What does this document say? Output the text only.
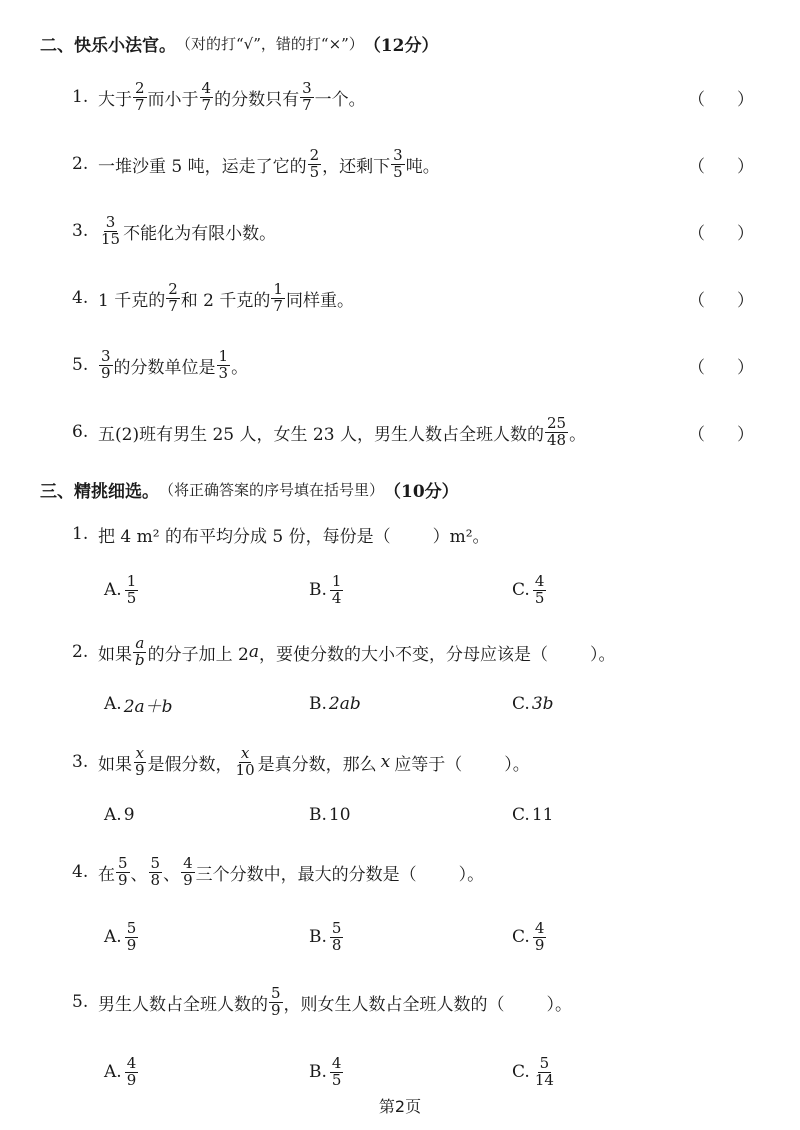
二、快乐小法官。 （对的打“√”，错的打“×”） （12分）
1. 大于 $\frac{2}{7}$ 而小于 $\frac{4}{7}$ 的分数只有 $\frac{3}{7}$ 一个。	（ ）
2. 一堆沙重 5 吨，运走了它的 $\frac{2}{5}$ ，还剩下 $\frac{3}{5}$ 吨。	（ ）
3. $\frac{3}{15}$ 不能化为有限小数。	（ ）
4. 1 千克的 $\frac{2}{7}$ 和 2 千克的 $\frac{1}{7}$ 同样重。	（ ）
5. $\frac{3}{9}$ 的分数单位是 $\frac{1}{3}$ 。	（ ）
6. 五(2)班有男生 25 人，女生 23 人，男生人数占全班人数的 $\frac{25}{48}$ 。	（ ）
三、精挑细选。 （将正确答案的序号填在括号里） （10分）
1. 把 4 m² 的布平均分成 5 份，每份是（ ）m²。
A. $\frac{1}{5}$	B. $\frac{1}{4}$	C. $\frac{4}{5}$
2. 如果 $\frac{a}{b}$ 的分子加上 2 a ，要使分数的大小不变，分母应该是（ ）。
A. 2a＋b	B. 2ab	C. 3b
3. 如果 $\frac{x}{9}$ 是假分数， $\frac{x}{10}$ 是真分数，那么 x 应等于（ ）。
A. 9	B. 10	C. 11
4. 在 $\frac{5}{9}$ 、 $\frac{5}{8}$ 、 $\frac{4}{9}$ 三个分数中，最大的分数是（ ）。
A. $\frac{5}{9}$	B. $\frac{5}{8}$	C. $\frac{4}{9}$
5. 男生人数占全班人数的 $\frac{5}{9}$ ，则女生人数占全班人数的（ ）。
A. $\frac{4}{9}$	B. $\frac{4}{5}$	C. $\frac{5}{14}$
第2页
